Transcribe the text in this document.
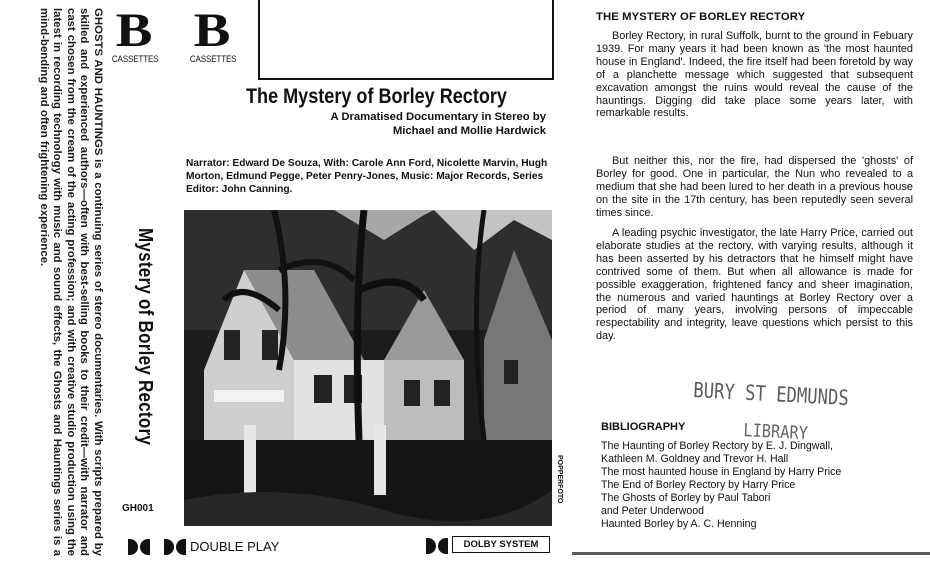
GHOSTS AND HAUNTINGS is a continuing series of stereo documentaries. With scripts prepared by skilled and experienced authors—often with best-selling books to their credit—with narrator and cast chosen from the cream of the acting profession; and with creative studio production using the latest in recording technology with music and sound effects, the Ghosts and Hauntings series is a mind-bending and often frightening experience.
Mystery of Borley Rectory
GH001
B
CASSETTES
B
CASSETTES
The Mystery of Borley Rectory
A Dramatised Documentary in Stereo by
Michael and Mollie Hardwick
Narrator: Edward De Souza, With: Carole Ann Ford, Nicolette Marvin, Hugh Morton, Edmund Pegge, Peter Penry-Jones, Music: Major Records, Series Editor: John Canning.
POPPERFOTO
DOUBLE PLAY	DOLBY SYSTEM
THE MYSTERY OF BORLEY RECTORY
Borley Rectory, in rural Suffolk, burnt to the ground in Febuary 1939. For many years it had been known as 'the most haunted house in England'. Indeed, the fire itself had been foretold by way of a planchette message which suggested that subsequent excavation amongst the ruins would reveal the cause of the hauntings. Digging did take place some years later, with remarkable results.
But neither this, nor the fire, had dispersed the 'ghosts' of Borley for good. One in particular, the Nun who revealed to a medium that she had been lured to her death in a previous house on the site in the 17th century, has been reputedly seen several times since.
A leading psychic investigator, the late Harry Price, carried out elaborate studies at the rectory, with varying results, although it has been asserted by his detractors that he himself might have contrived some of them. But when all allowance is made for possible exaggeration, frightened fancy and sheer imagination, the numerous and varied hauntings at Borley Rectory over a period of many years, involving persons of impeccable respectability and integrity, leave questions which persist to this day.
BURY ST EDMUNDS
LIBRARY
BIBLIOGRAPHY
The Haunting of Borley Rectory by E. J. Dingwall,
Kathleen M. Goldney and Trevor H. Hall
The most haunted house in England by Harry Price
The End of Borley Rectory by Harry Price
The Ghosts of Borley by Paul Tabori
and Peter Underwood
Haunted Borley by A. C. Henning
